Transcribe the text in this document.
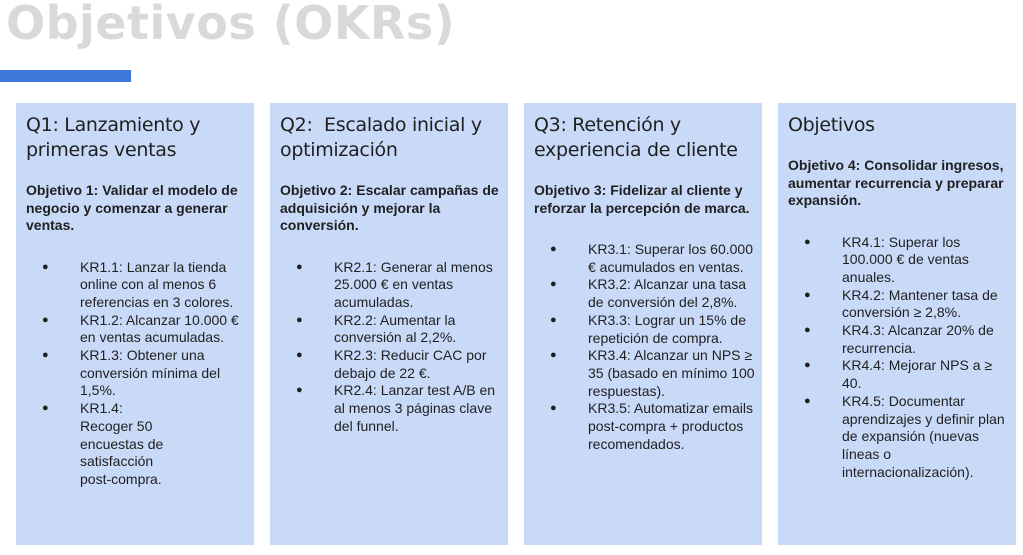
Objetivos (OKRs)
Q1: Lanzamiento y primeras ventas
Objetivo 1: Validar el modelo de negocio y comenzar a generar ventas.
● KR1.1: Lanzar la tienda online con al menos 6 referencias en 3 colores.
● KR1.2: Alcanzar 10.000 € en ventas acumuladas.
● KR1.3: Obtener una conversión mínima del 1,5%.
● KR1.4: Recoger 50 encuestas de satisfacción post-compra.
Q2:  Escalado inicial y optimización
Objetivo 2: Escalar campañas de adquisición y mejorar la conversión.
● KR2.1: Generar al menos 25.000 € en ventas acumuladas.
● KR2.2: Aumentar la conversión al 2,2%.
● KR2.3: Reducir CAC por debajo de 22 €.
● KR2.4: Lanzar test A/B en al menos 3 páginas clave del funnel.
Q3: Retención y experiencia de cliente
Objetivo 3: Fidelizar al cliente y reforzar la percepción de marca.
● KR3.1: Superar los 60.000 € acumulados en ventas.
● KR3.2: Alcanzar una tasa de conversión del 2,8%.
● KR3.3: Lograr un 15% de repetición de compra.
● KR3.4: Alcanzar un NPS ≥ 35 (basado en mínimo 100 respuestas).
● KR3.5: Automatizar emails post-compra + productos recomendados.
Objetivos
Objetivo 4: Consolidar ingresos, aumentar recurrencia y preparar expansión.
● KR4.1: Superar los 100.000 € de ventas anuales.
● KR4.2: Mantener tasa de conversión ≥ 2,8%.
● KR4.3: Alcanzar 20% de recurrencia.
● KR4.4: Mejorar NPS a ≥ 40.
● KR4.5: Documentar aprendizajes y definir plan de expansión (nuevas líneas o internacionalización).
